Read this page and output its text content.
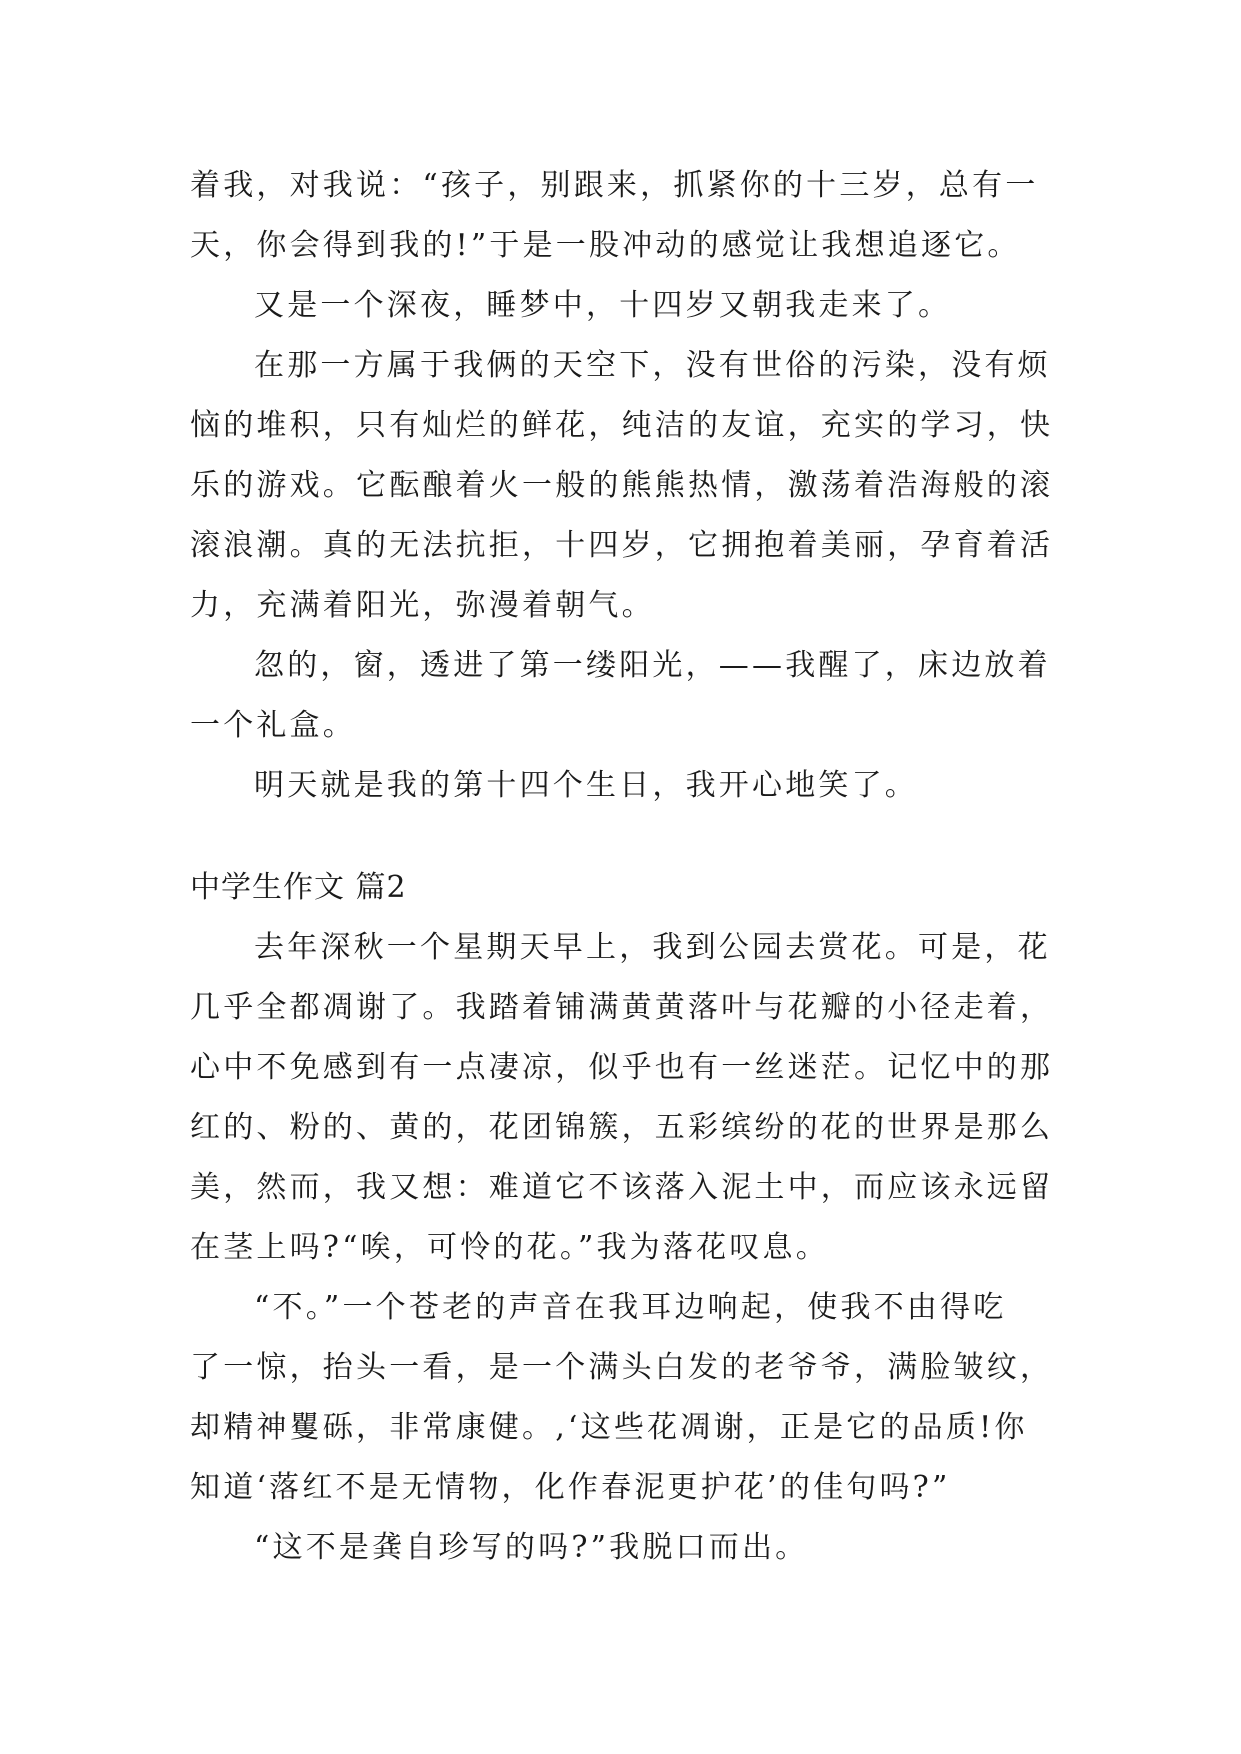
着我，对我说：“孩子，别跟来，抓紧你的十三岁，总有一
天，你会得到我的!”于是一股冲动的感觉让我想追逐它。
又是一个深夜，睡梦中，十四岁又朝我走来了。
在那一方属于我俩的天空下，没有世俗的污染，没有烦
恼的堆积，只有灿烂的鲜花，纯洁的友谊，充实的学习，快
乐的游戏。它酝酿着火一般的熊熊热情，激荡着浩海般的滚
滚浪潮。真的无法抗拒，十四岁，它拥抱着美丽，孕育着活
力，充满着阳光，弥漫着朝气。
忽的，窗，透进了第一缕阳光，——我醒了，床边放着
一个礼盒。
明天就是我的第十四个生日，我开心地笑了。
中学生作文 篇2
去年深秋一个星期天早上，我到公园去赏花。可是，花
几乎全都凋谢了。我踏着铺满黄黄落叶与花瓣的小径走着，
心中不免感到有一点凄凉，似乎也有一丝迷茫。记忆中的那
红的、粉的、黄的，花团锦簇，五彩缤纷的花的世界是那么
美，然而，我又想：难道它不该落入泥土中，而应该永远留
在茎上吗?“唉，可怜的花。”我为落花叹息。
“不。”一个苍老的声音在我耳边响起，使我不由得吃
了一惊，抬头一看，是一个满头白发的老爷爷，满脸皱纹，
却精神矍砾，非常康健。,‘这些花凋谢，正是它的品质!你
知道‘落红不是无情物，化作春泥更护花’的佳句吗?”
“这不是龚自珍写的吗?”我脱口而出。
